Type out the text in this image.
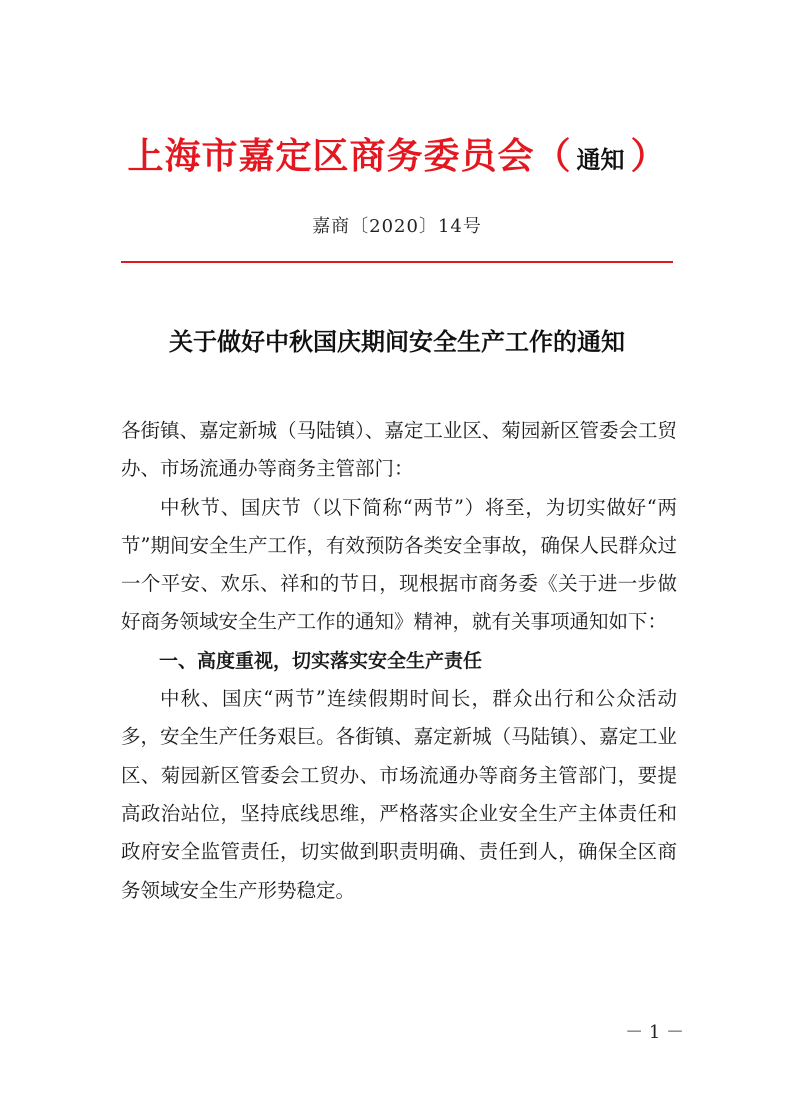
上海市嘉定区商务委员会（ 通知 ）
嘉商〔2020〕14号
关于做好中秋国庆期间安全生产工作的通知

各街镇、嘉定新城（马陆镇）、嘉定工业区、菊园新区管委会工贸办、市场流通办等商务主管部门：

中秋节、国庆节（以下简称“两节”）将至，为切实做好“两节”期间安全生产工作，有效预防各类安全事故，确保人民群众过一个平安、欢乐、祥和的节日，现根据市商务委《关于进一步做好商务领域安全生产工作的通知》精神，就有关事项通知如下：

一、高度重视，切实落实安全生产责任

中秋、国庆“两节”连续假期时间长，群众出行和公众活动多，安全生产任务艰巨。各街镇、嘉定新城（马陆镇）、嘉定工业区、菊园新区管委会工贸办、市场流通办等商务主管部门，要提高政治站位，坚持底线思维，严格落实企业安全生产主体责任和政府安全监管责任，切实做到职责明确、责任到人，确保全区商务领域安全生产形势稳定。

－ 1 －
